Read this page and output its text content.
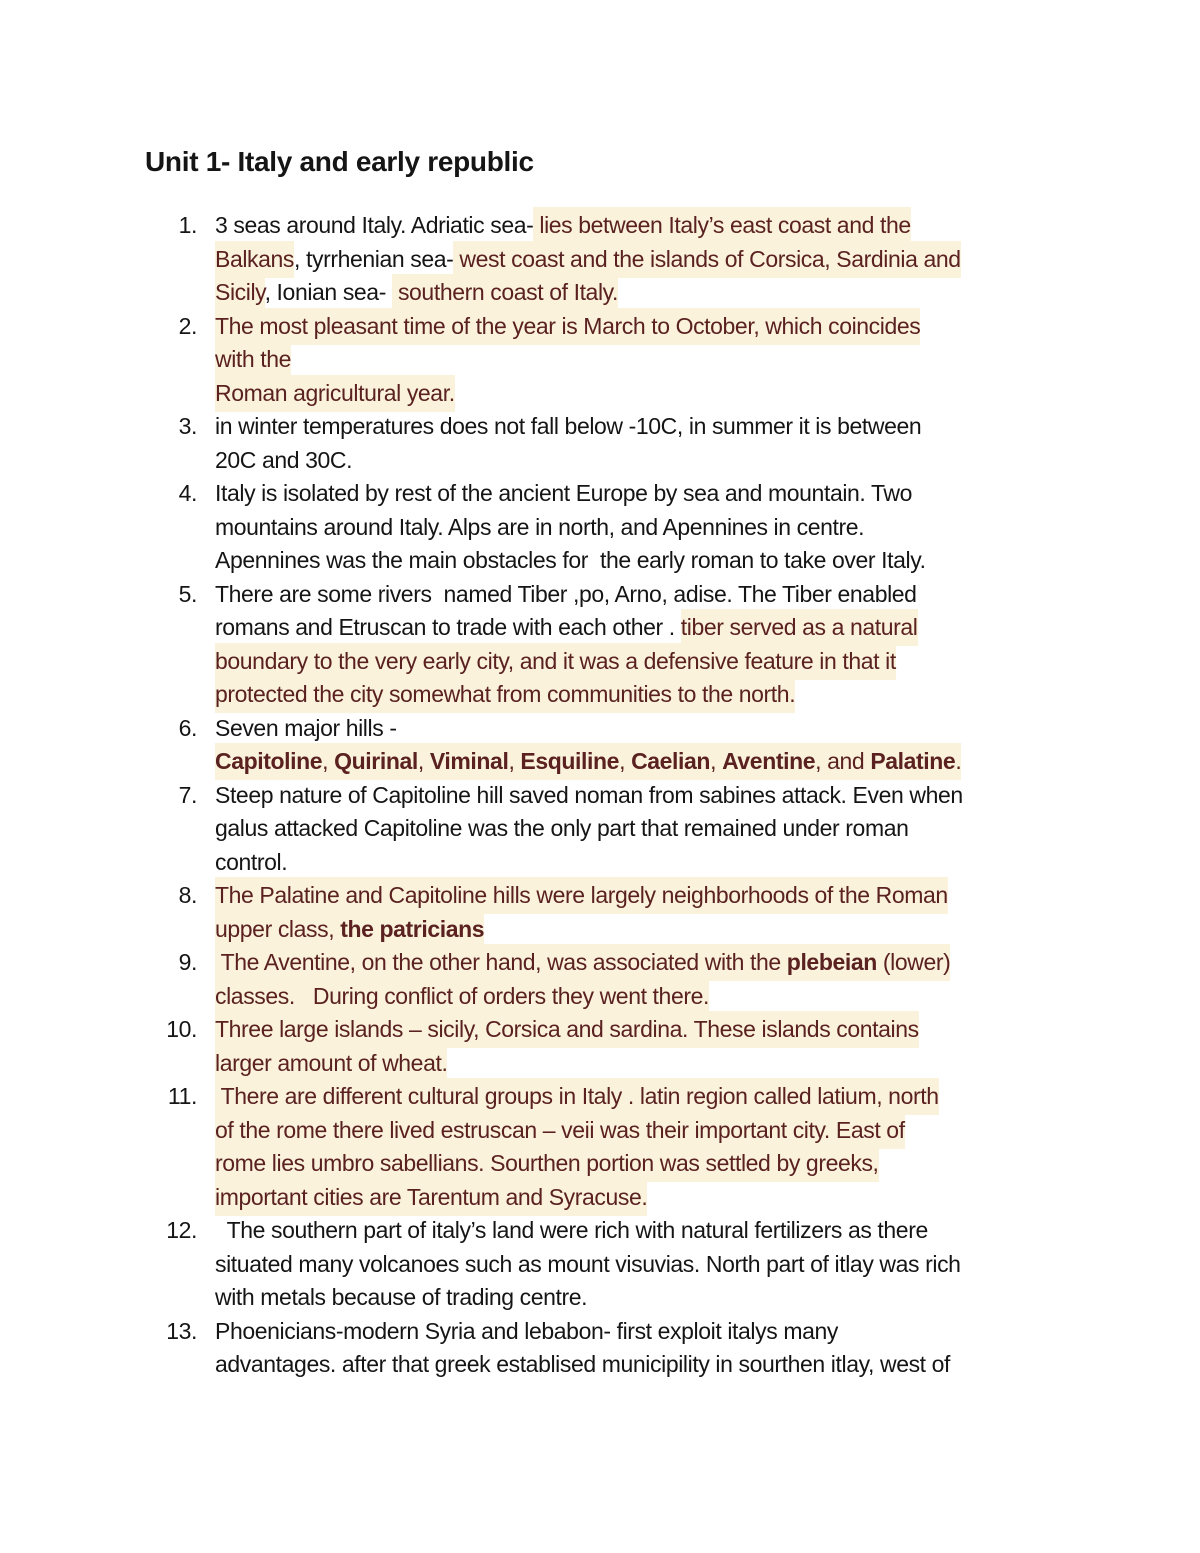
Unit 1- Italy and early republic
1. 3 seas around Italy. Adriatic sea- lies between Italy’s east coast and the
Balkans, tyrrhenian sea- west coast and the islands of Corsica, Sardinia and
Sicily, Ionian sea-  southern coast of Italy.
2. The most pleasant time of the year is March to October, which coincides
with the
Roman agricultural year.
3. in winter temperatures does not fall below -10C, in summer it is between
20C and 30C.
4. Italy is isolated by rest of the ancient Europe by sea and mountain. Two
mountains around Italy. Alps are in north, and Apennines in centre.
Apennines was the main obstacles for  the early roman to take over Italy.
5. There are some rivers  named Tiber ,po, Arno, adise. The Tiber enabled
romans and Etruscan to trade with each other . tiber served as a natural
boundary to the very early city, and it was a defensive feature in that it
protected the city somewhat from communities to the north.
6. Seven major hills -
Capitoline, Quirinal, Viminal, Esquiline, Caelian, Aventine, and Palatine.
7. Steep nature of Capitoline hill saved noman from sabines attack. Even when
galus attacked Capitoline was the only part that remained under roman
control.
8. The Palatine and Capitoline hills were largely neighborhoods of the Roman
upper class, the patricians
9. The Aventine, on the other hand, was associated with the plebeian (lower)
classes.   During conflict of orders they went there.
10. Three large islands – sicily, Corsica and sardina. These islands contains
larger amount of wheat.
11. There are different cultural groups in Italy . latin region called latium, north
of the rome there lived estruscan – veii was their important city. East of
rome lies umbro sabellians. Sourthen portion was settled by greeks,
important cities are Tarentum and Syracuse.
12. The southern part of italy’s land were rich with natural fertilizers as there
situated many volcanoes such as mount visuvias. North part of itlay was rich
with metals because of trading centre.
13. Phoenicians-modern Syria and lebabon- first exploit italys many
advantages. after that greek establised municipility in sourthen itlay, west of
